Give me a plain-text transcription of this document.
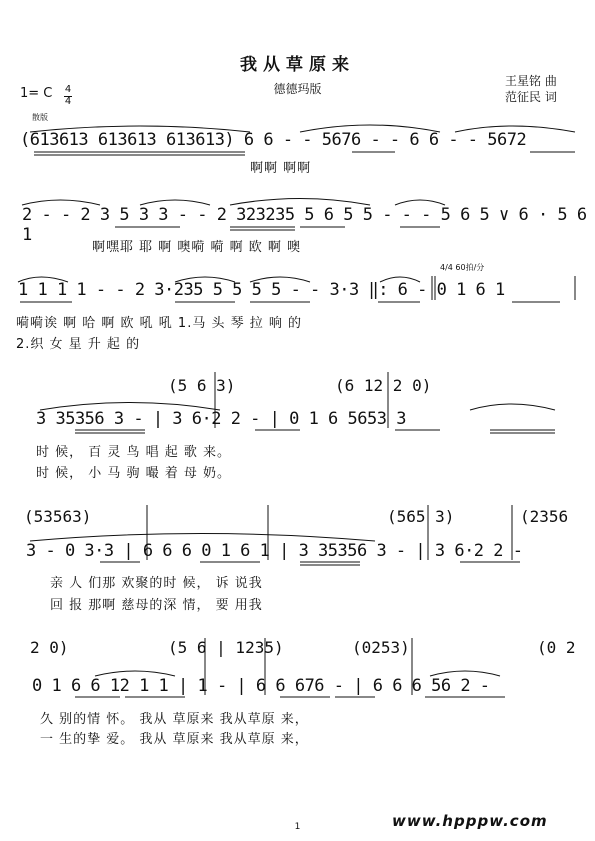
我从草原来
德德玛版
王星铭 曲
范征民 词
1= C 4
4
散版
4/4 60拍/分
(613613 613613 613613) 6 6 - - 5676 - - 6 6 - - 5672
啊啊 啊啊
2 - - 2 3 5 3 3 - - 2 323235 5 6 5 5 - - - 5 6 5 ∨ 6 · 5 6 1
啊嘿耶 耶 啊 噢嗬 嗬 啊 欧 啊 噢
1 1 1 1 - - 2 3·235 5 5 5 5 - - 3·3 ‖: 6 - 0 1 6 1
嗬嗬诶 啊 哈 啊 欧 吼 吼 1.马 头 琴 拉 响 的
2.织 女 星 升 起 的
(5 6 3)	(6 12 2 0)
3 35356 3 - | 3 6·2 2 - | 0 1 6 5653 3
时 候， 百 灵 鸟 唱 起 歌 来。
时 候， 小 马 驹 嘬 着 母 奶。
(53563)	(565 3)	(2356
3 - 0 3·3 | 6 6 6 0 1 6 1 | 3 35356 3 - | 3 6·2 2 -
亲 人 们那 欢聚的时 候， 诉 说我
回 报 那啊 慈母的深 情， 要 用我
2 0)	(5 6 | 1235)	(0253)	(0 2
0 1 6 6 12 1 1 | 1 - | 6 6 676 - | 6 6 6 56 2 -
久 别的情 怀。 我从 草原来 我从草原 来，
一 生的挚 爱。 我从 草原来 我从草原 来，
www.hpppw.com
1
